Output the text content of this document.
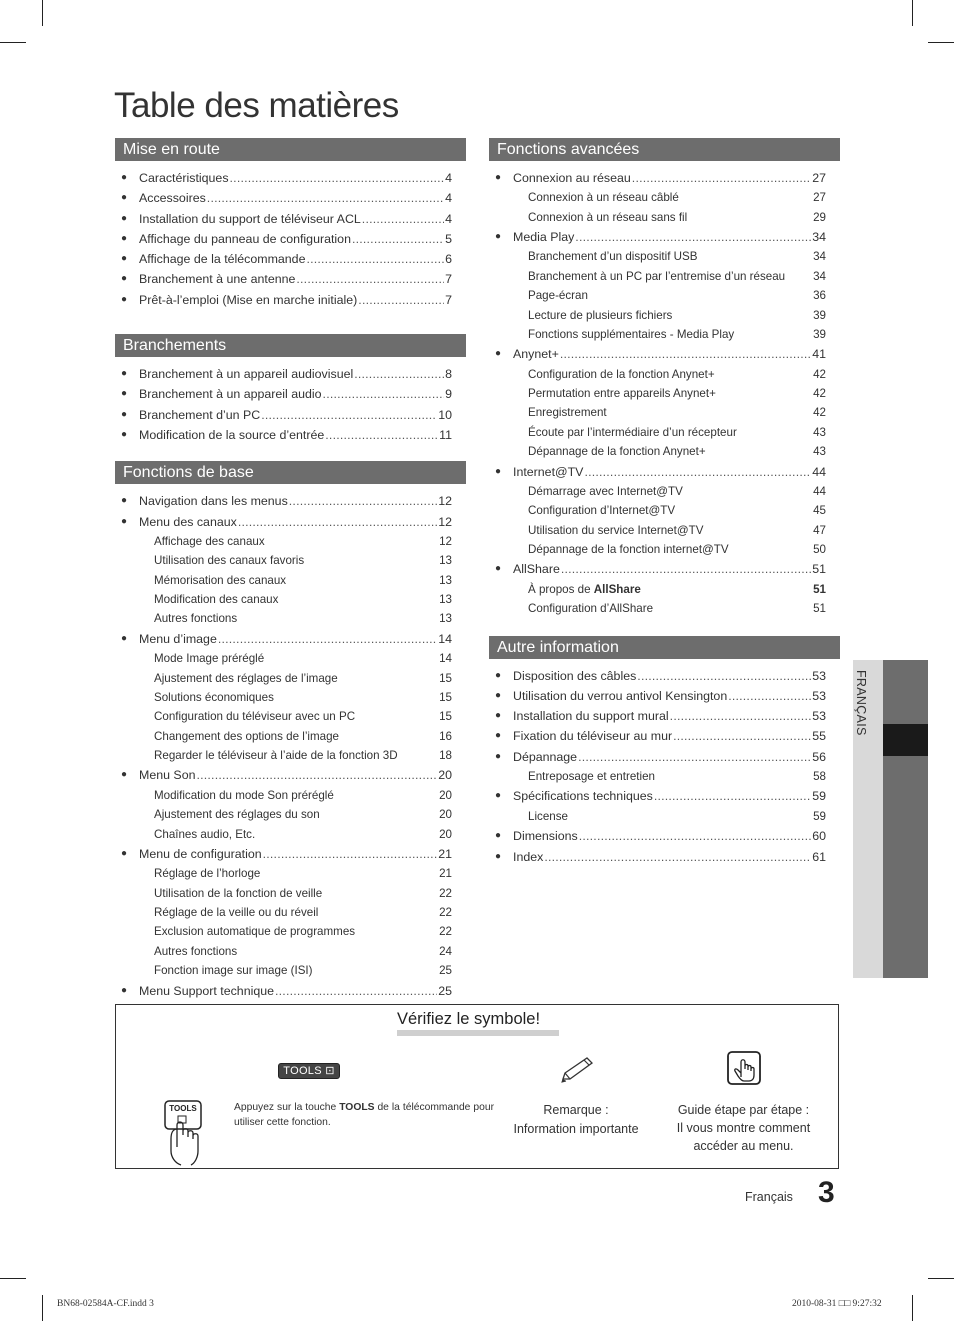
Table des matières
Mise en route
● Caractéristiques .....	4
● Accessoires .....	4
● Installation du support de téléviseur ACL .....	4
● Affichage du panneau de configuration .....	5
● Affichage de la télécommande .....	6
● Branchement à une antenne .....	7
● Prêt-à-l’emploi (Mise en marche initiale) .....	7
Branchements
● Branchement à un appareil audiovisuel .....	8
● Branchement à un appareil audio .....	9
● Branchement d’un PC .....	10
● Modification de la source d’entrée .....	11
Fonctions de base
● Navigation dans les menus .....	12
● Menu des canaux .....	12
Affichage des canaux	12
Utilisation des canaux favoris	13
Mémorisation des canaux	13
Modification des canaux	13
Autres fonctions	13
● Menu d’image .....	14
Mode Image préréglé	14
Ajustement des réglages de l’image	15
Solutions économiques	15
Configuration du téléviseur avec un PC	15
Changement des options de l’image	16
Regarder le téléviseur à l’aide de la fonction 3D	18
● Menu Son .....	20
Modification du mode Son préréglé	20
Ajustement des réglages du son	20
Chaînes audio, Etc.	20
● Menu de configuration .....	21
Réglage de l’horloge	21
Utilisation de la fonction de veille	22
Réglage de la veille ou du réveil	22
Exclusion automatique de programmes	22
Autres fonctions	24
Fonction image sur image (ISI)	25
● Menu Support technique .....	25
Fonctions avancées
● Connexion au réseau .....	27
Connexion à un réseau câblé	27
Connexion à un réseau sans fil	29
● Media Play .....	34
Branchement d’un dispositif USB	34
Branchement à un PC par l’entremise d’un réseau 34
Page-écran	36
Lecture de plusieurs fichiers	39
Fonctions supplémentaires - Media Play	39
● Anynet+ .....	41
Configuration de la fonction Anynet+	42
Permutation entre appareils Anynet+	42
Enregistrement	42
Écoute par l’intermédiaire d’un récepteur	43
Dépannage de la fonction Anynet+	43
● Internet@TV .....	44
Démarrage avec Internet@TV	44
Configuration d’Internet@TV	45
Utilisation du service Internet@TV	47
Dépannage de la fonction internet@TV	50
● AllShare .....	51
À propos de AllShare	51
Configuration d’AllShare	51
Autre information
● Disposition des câbles .....	53
● Utilisation du verrou antivol Kensington .....	53
● Installation du support mural .....	53
● Fixation du téléviseur au mur .....	55
● Dépannage .....	56
Entreposage et entretien	58
● Spécifications techniques .....	59
License	59
● Dimensions .....	60
● Index .....	61
FRANÇAIS
Vérifiez le symbole!
TOOLS ⊡
TOOLS	Appuyez sur la touche TOOLS de la télécommande pour utiliser cette fonction.
Remarque :
Information importante
Guide étape par étape :
Il vous montre comment accéder au menu.
Français 3
BN68-02584A-CF.indd 3	2010-08-31 □□ 9:27:32
